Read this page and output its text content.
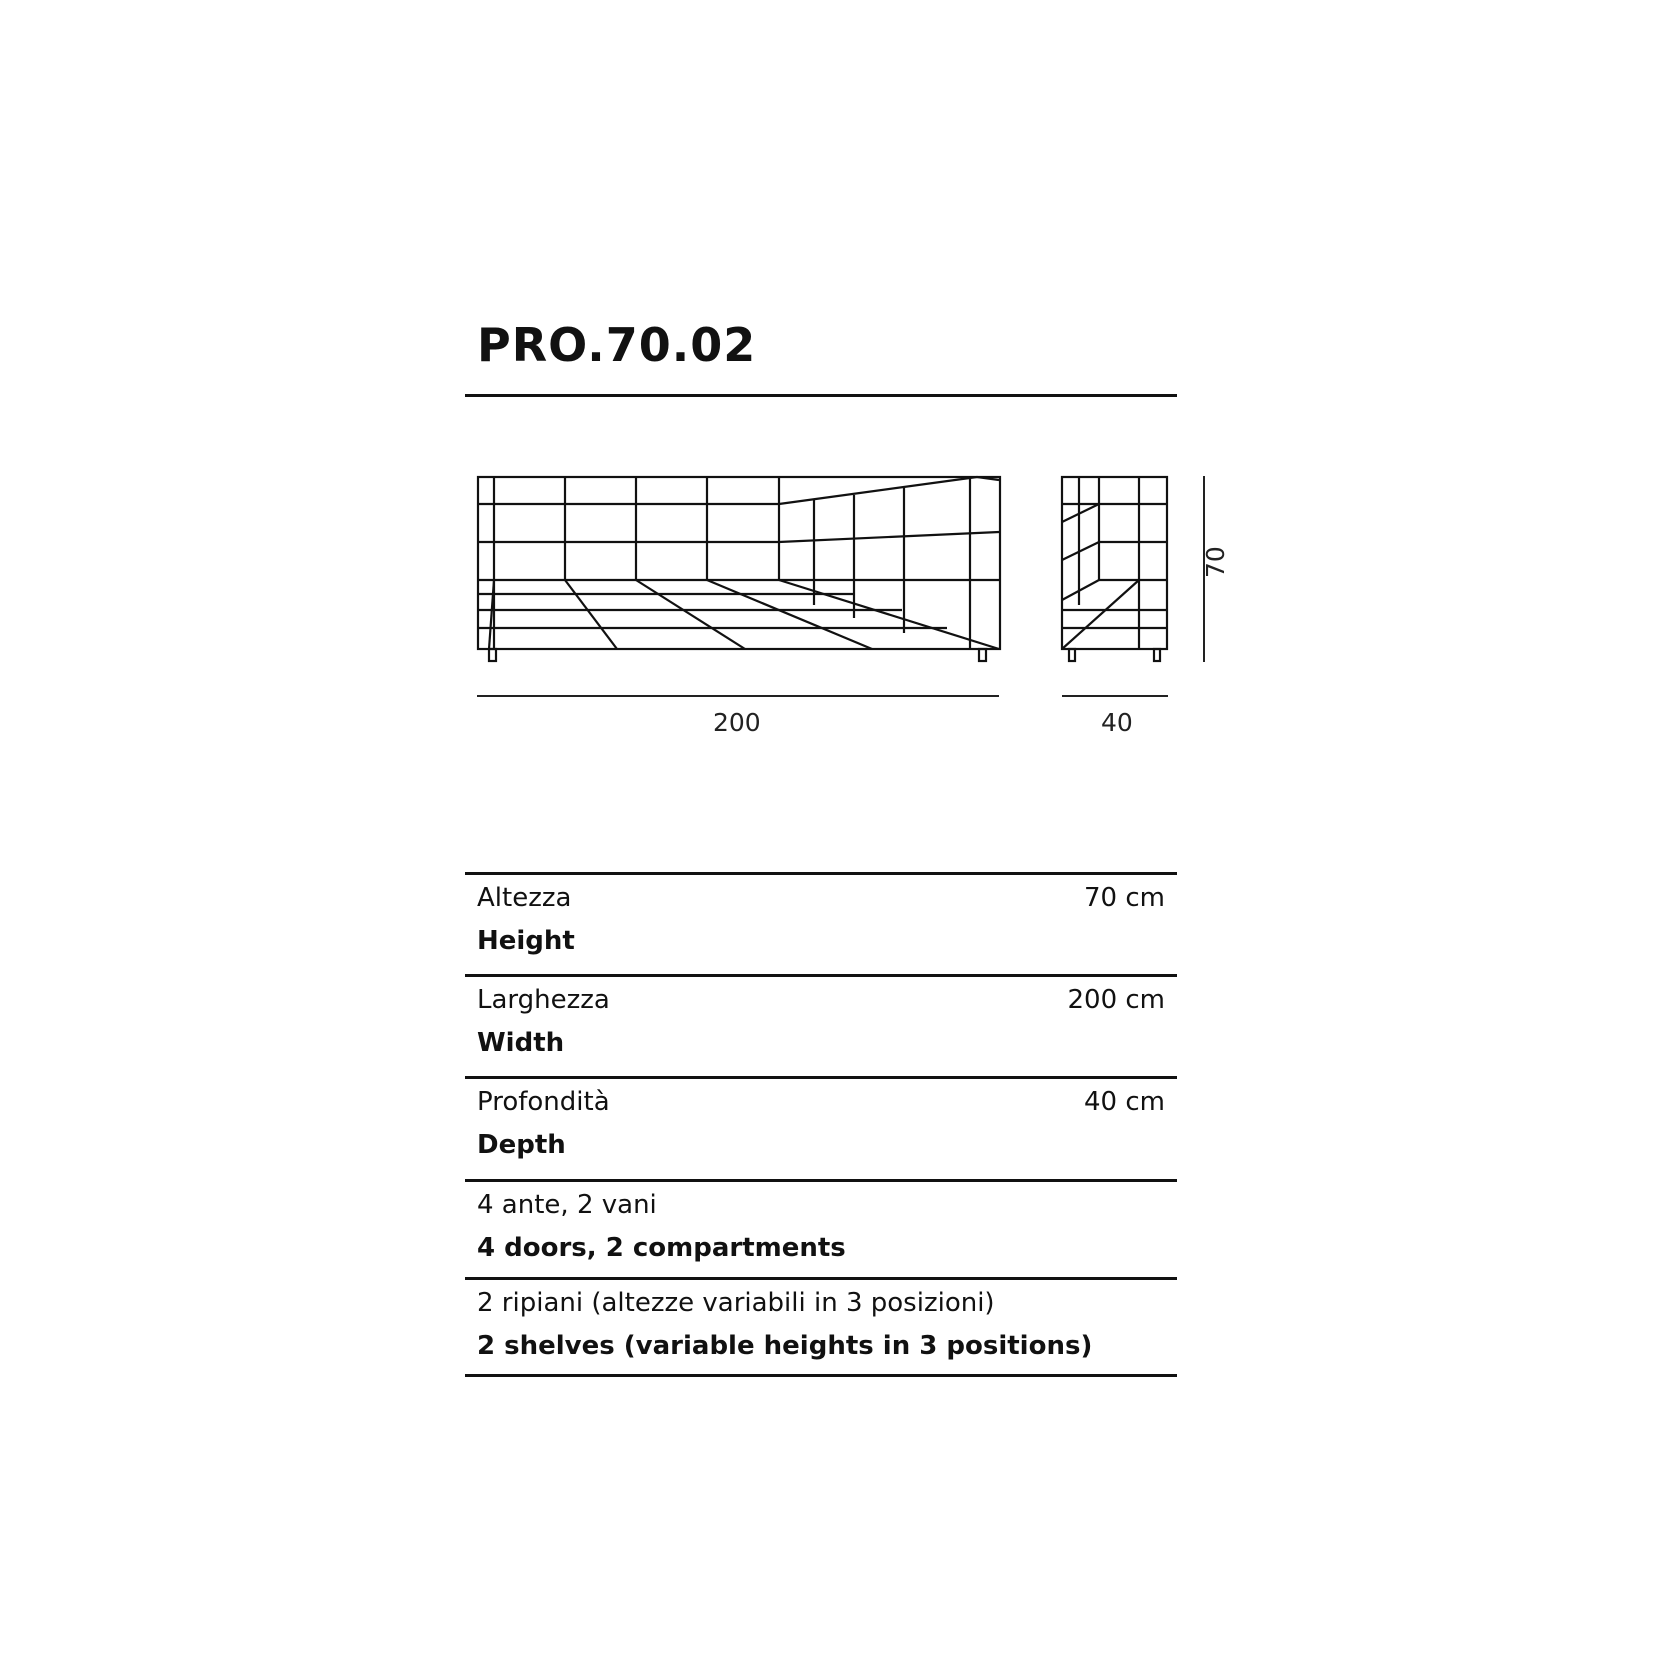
PRO.70.02
70
200	40
Altezza
Height
70 cm
Larghezza
Width
200 cm
Profondità
Depth
40 cm
4 ante, 2 vani
4 doors, 2 compartments
2 ripiani (altezze variabili in 3 posizioni)
2 shelves (variable heights in 3 positions)
